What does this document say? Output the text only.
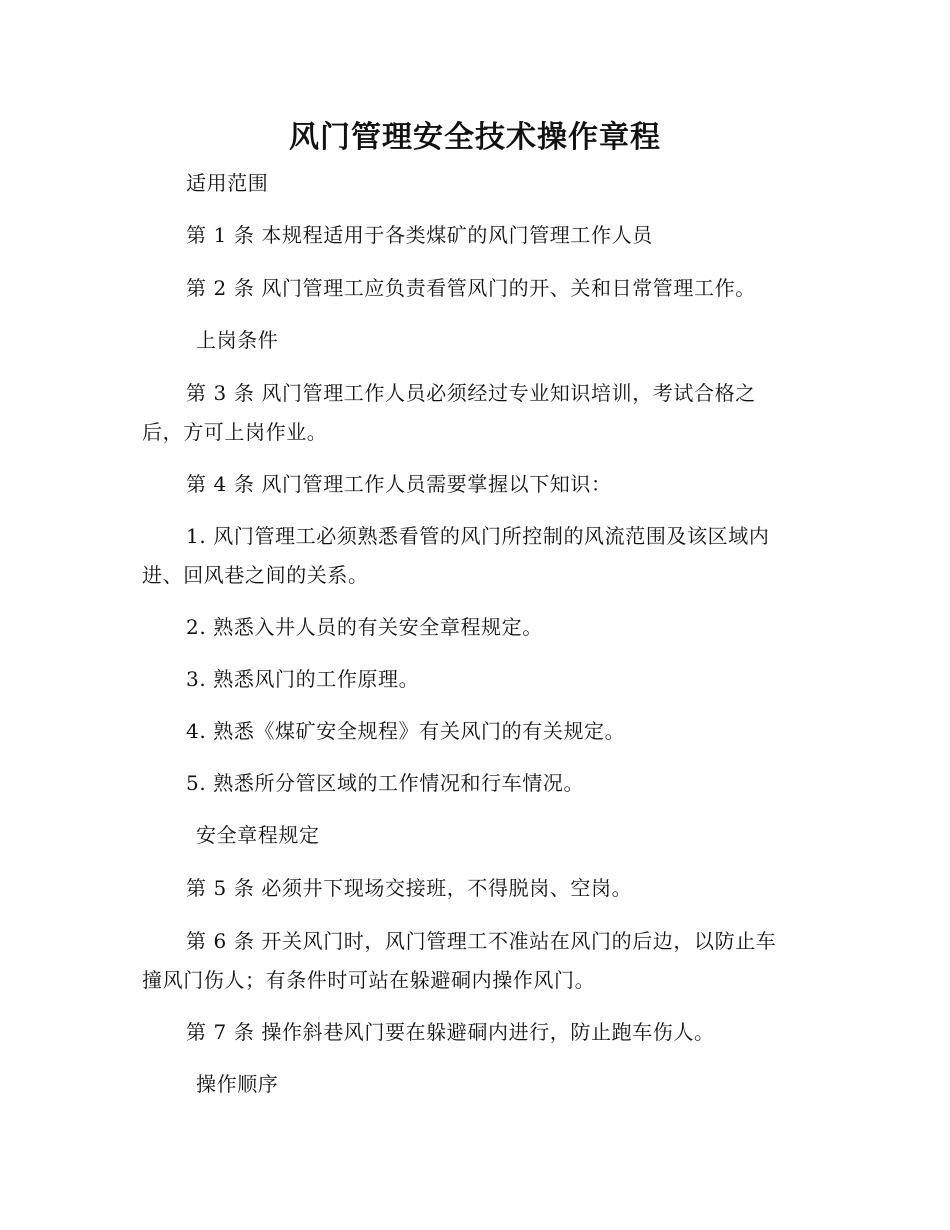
风门管理安全技术操作章程
适用范围
第 1 条 本规程适用于各类煤矿的风门管理工作人员
第 2 条 风门管理工应负责看管风门的开、关和日常管理工作。
上岗条件
第 3 条 风门管理工作人员必须经过专业知识培训，考试合格之
后，方可上岗作业。
第 4 条 风门管理工作人员需要掌握以下知识：
1. 风门管理工必须熟悉看管的风门所控制的风流范围及该区域内
进、回风巷之间的关系。
2. 熟悉入井人员的有关安全章程规定。
3. 熟悉风门的工作原理。
4. 熟悉《煤矿安全规程》有关风门的有关规定。
5. 熟悉所分管区域的工作情况和行车情况。
安全章程规定
第 5 条 必须井下现场交接班，不得脱岗、空岗。
第 6 条 开关风门时，风门管理工不准站在风门的后边，以防止车
撞风门伤人；有条件时可站在躲避硐内操作风门。
第 7 条 操作斜巷风门要在躲避硐内进行，防止跑车伤人。
操作顺序
